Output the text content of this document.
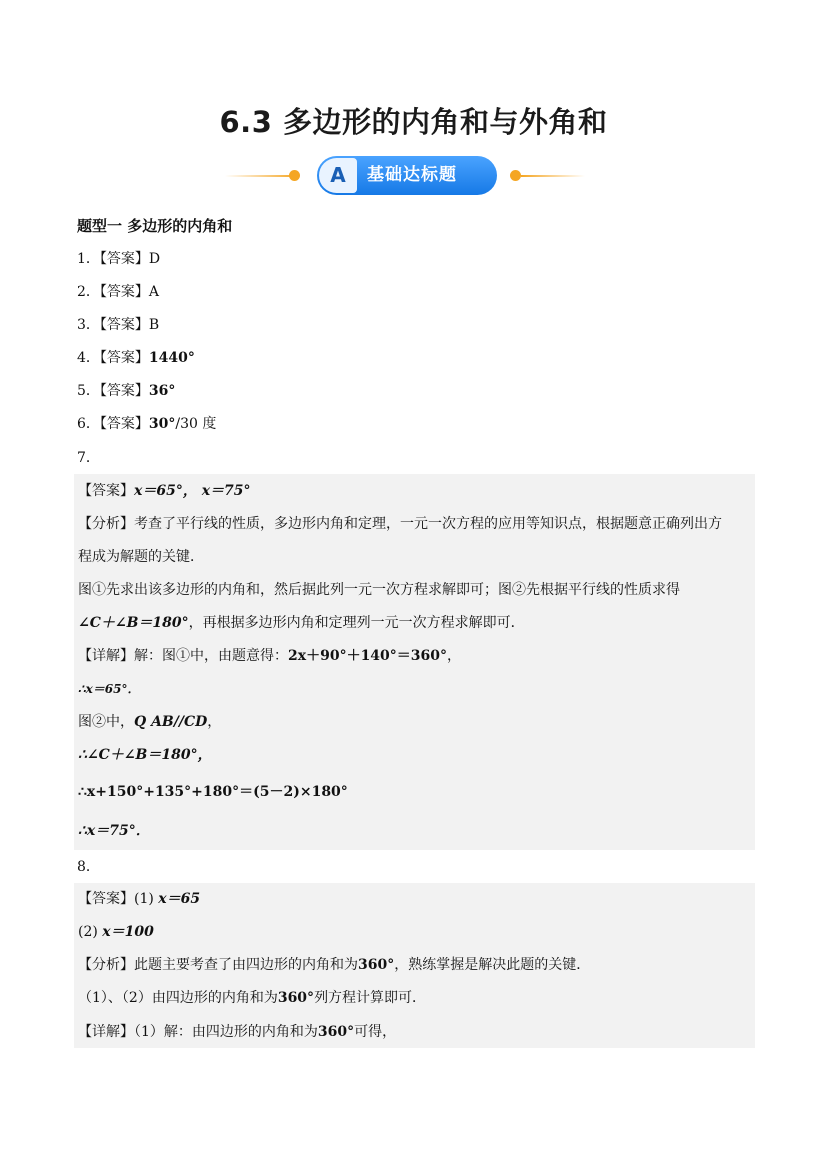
6.3 多边形的内角和与外角和
A	基础达标题
题型一 多边形的内角和
1．【答案】D
2．【答案】A
3．【答案】B
4．【答案】1440°
5．【答案】36°
6．【答案】30°/30 度
7．
【答案】x＝65°， x＝75°
【分析】考查了平行线的性质，多边形内角和定理，一元一次方程的应用等知识点，根据题意正确列出方
程成为解题的关键．
图①先求出该多边形的内角和，然后据此列一元一次方程求解即可；图②先根据平行线的性质求得
∠C＋∠B＝180°，再根据多边形内角和定理列一元一次方程求解即可．
【详解】解：图①中，由题意得：2x＋90°＋140°＝360°，
∴x＝65°．
图②中，Q AB//CD，
∴∠C＋∠B＝180°，
∴x+150°+135°+180°＝(5－2)×180°
∴x＝75°．
8．
【答案】(1) x＝65
(2) x＝100
【分析】此题主要考查了由四边形的内角和为360°，熟练掌握是解决此题的关键．
（1）、（2）由四边形的内角和为360°列方程计算即可．
【详解】（1）解：由四边形的内角和为360°可得，
